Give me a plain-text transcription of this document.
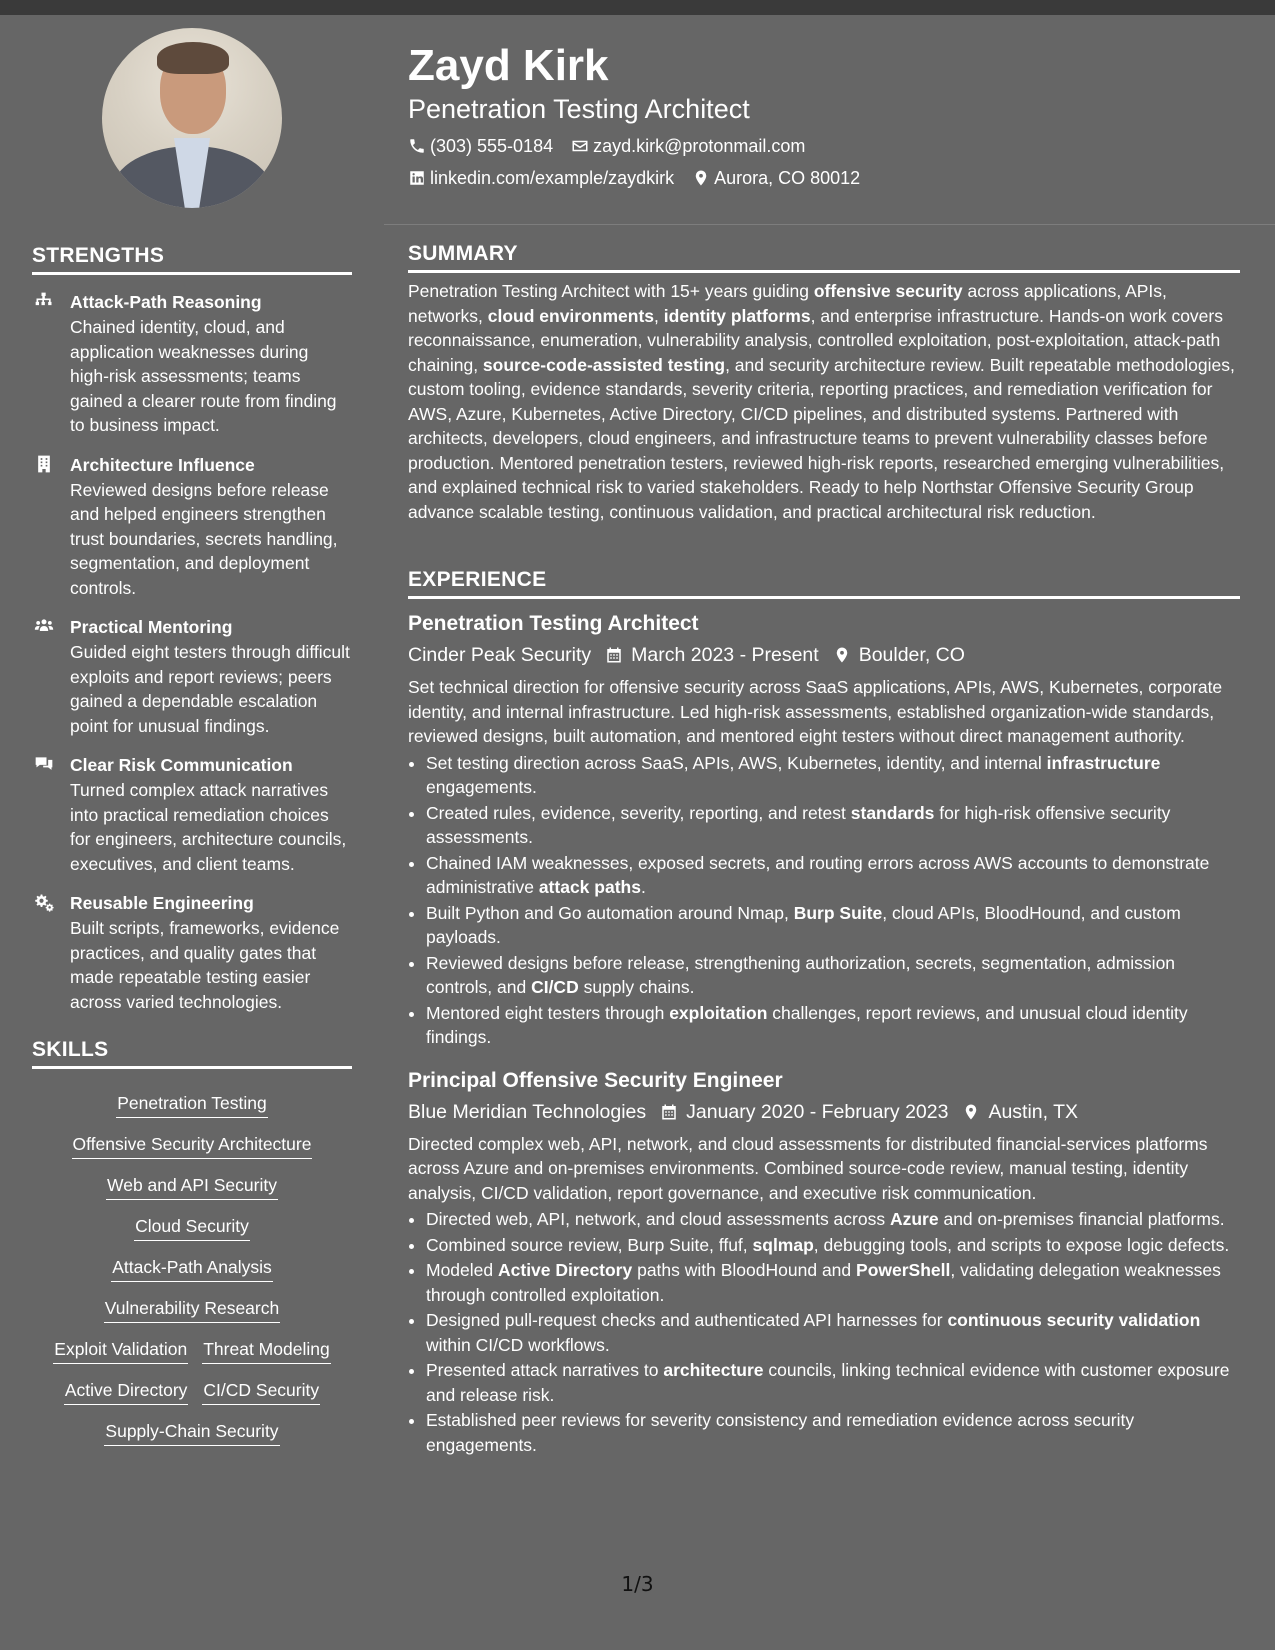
STRENGTHS
Attack-Path Reasoning
Chained identity, cloud, and application weaknesses during high-risk assessments; teams gained a clearer route from finding to business impact.
Architecture Influence
Reviewed designs before release and helped engineers strengthen trust boundaries, secrets handling, segmentation, and deployment controls.
Practical Mentoring
Guided eight testers through difficult exploits and report reviews; peers gained a dependable escalation point for unusual findings.
Clear Risk Communication
Turned complex attack narratives into practical remediation choices for engineers, architecture councils, executives, and client teams.
Reusable Engineering
Built scripts, frameworks, evidence practices, and quality gates that made repeatable testing easier across varied technologies.
SKILLS
Penetration Testing
Offensive Security Architecture
Web and API Security
Cloud Security
Attack-Path Analysis
Vulnerability Research
Exploit Validation Threat Modeling
Active Directory CI/CD Security
Supply-Chain Security
Zayd Kirk
Penetration Testing Architect
(303) 555-0184 zayd.kirk@protonmail.com
linkedin.com/example/zaydkirk Aurora, CO 80012
SUMMARY
Penetration Testing Architect with 15+ years guiding offensive security across applications, APIs, networks, cloud environments, identity platforms, and enterprise infrastructure. Hands-on work covers reconnaissance, enumeration, vulnerability analysis, controlled exploitation, post-exploitation, attack-path chaining, source-code-assisted testing, and security architecture review. Built repeatable methodologies, custom tooling, evidence standards, severity criteria, reporting practices, and remediation verification for AWS, Azure, Kubernetes, Active Directory, CI/CD pipelines, and distributed systems. Partnered with architects, developers, cloud engineers, and infrastructure teams to prevent vulnerability classes before production. Mentored penetration testers, reviewed high-risk reports, researched emerging vulnerabilities, and explained technical risk to varied stakeholders. Ready to help Northstar Offensive Security Group advance scalable testing, continuous validation, and practical architectural risk reduction.
EXPERIENCE
Penetration Testing Architect
Cinder Peak Security March 2023 - Present Boulder, CO
Set technical direction for offensive security across SaaS applications, APIs, AWS, Kubernetes, corporate identity, and internal infrastructure. Led high-risk assessments, established organization-wide standards, reviewed designs, built automation, and mentored eight testers without direct management authority.
• Set testing direction across SaaS, APIs, AWS, Kubernetes, identity, and internal infrastructure engagements.
• Created rules, evidence, severity, reporting, and retest standards for high-risk offensive security assessments.
• Chained IAM weaknesses, exposed secrets, and routing errors across AWS accounts to demonstrate administrative attack paths.
• Built Python and Go automation around Nmap, Burp Suite, cloud APIs, BloodHound, and custom payloads.
• Reviewed designs before release, strengthening authorization, secrets, segmentation, admission controls, and CI/CD supply chains.
• Mentored eight testers through exploitation challenges, report reviews, and unusual cloud identity findings.
Principal Offensive Security Engineer
Blue Meridian Technologies January 2020 - February 2023 Austin, TX
Directed complex web, API, network, and cloud assessments for distributed financial-services platforms across Azure and on-premises environments. Combined source-code review, manual testing, identity analysis, CI/CD validation, report governance, and executive risk communication.
• Directed web, API, network, and cloud assessments across Azure and on-premises financial platforms.
• Combined source review, Burp Suite, ffuf, sqlmap, debugging tools, and scripts to expose logic defects.
• Modeled Active Directory paths with BloodHound and PowerShell, validating delegation weaknesses through controlled exploitation.
• Designed pull-request checks and authenticated API harnesses for continuous security validation within CI/CD workflows.
• Presented attack narratives to architecture councils, linking technical evidence with customer exposure and release risk.
• Established peer reviews for severity consistency and remediation evidence across security engagements.
1/3
